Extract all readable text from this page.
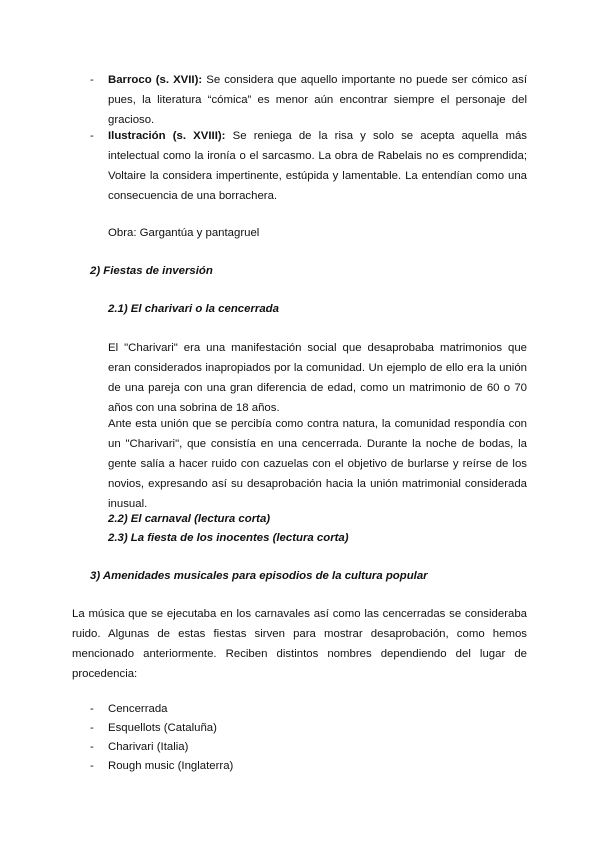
- Barroco (s. XVII): Se considera que aquello importante no puede ser cómico así pues, la literatura “cómica” es menor aún encontrar siempre el personaje del gracioso.

- Ilustración (s. XVIII): Se reniega de la risa y solo se acepta aquella más intelectual como la ironía o el sarcasmo. La obra de Rabelais no es comprendida; Voltaire la considera impertinente, estúpida y lamentable. La entendían como una consecuencia de una borrachera.

Obra: Gargantúa y pantagruel

2) Fiestas de inversión
2.1) El charivari o la cencerrada

El "Charivari" era una manifestación social que desaprobaba matrimonios que eran considerados inapropiados por la comunidad. Un ejemplo de ello era la unión de una pareja con una gran diferencia de edad, como un matrimonio de 60 o 70 años con una sobrina de 18 años.

Ante esta unión que se percibía como contra natura, la comunidad respondía con un "Charivari", que consistía en una cencerrada. Durante la noche de bodas, la gente salía a hacer ruido con cazuelas con el objetivo de burlarse y reírse de los novios, expresando así su desaprobación hacia la unión matrimonial considerada inusual.

2.2) El carnaval (lectura corta)
2.3) La fiesta de los inocentes (lectura corta)
3) Amenidades musicales para episodios de la cultura popular

La música que se ejecutaba en los carnavales así como las cencerradas se consideraba ruido. Algunas de estas fiestas sirven para mostrar desaprobación, como hemos mencionado anteriormente. Reciben distintos nombres dependiendo del lugar de procedencia:

- Cencerrada
- Esquellots (Cataluña)
- Charivari (Italia)
- Rough music (Inglaterra)
